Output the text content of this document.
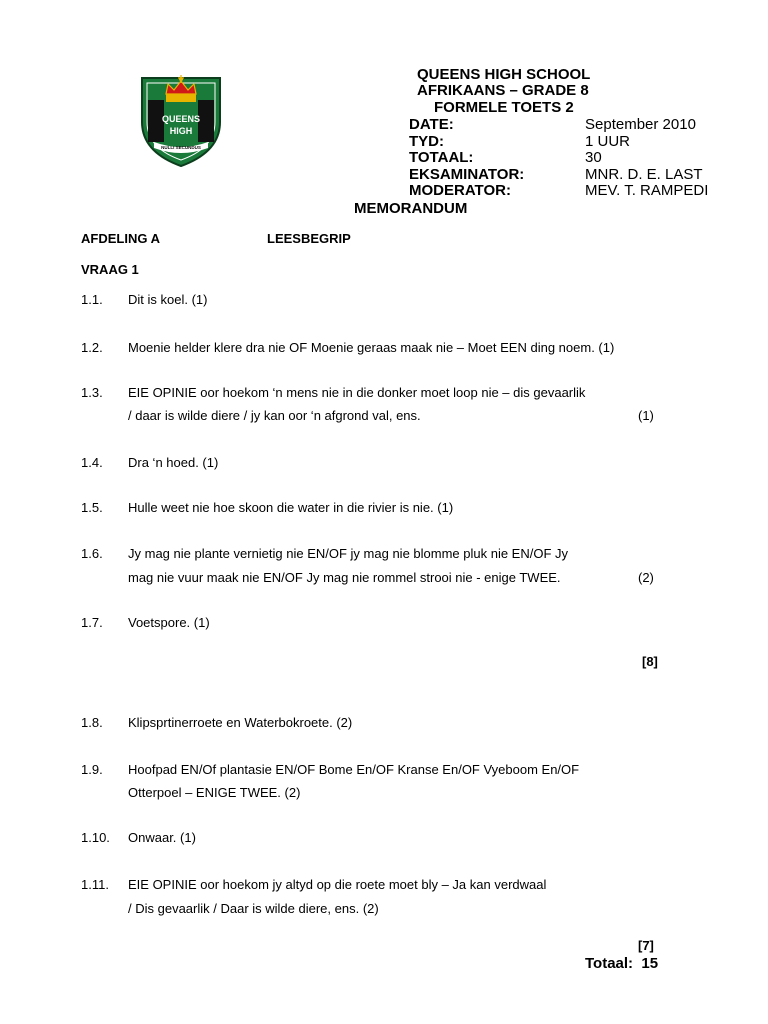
QUEENS
HIGH
NULLI SECUNDUS
QUEENS HIGH SCHOOL
AFRIKAANS – GRADE 8
FORMELE TOETS 2
DATE:	September 2010
TYD:	1 UUR
TOTAAL:	30
EKSAMINATOR:	MNR. D. E. LAST
MODERATOR:	MEV. T. RAMPEDI
MEMORANDUM
AFDELING A	LEESBEGRIP
VRAAG 1
1.1. Dit is koel. (1)
1.2. Moenie helder klere dra nie OF Moenie geraas maak nie – Moet EEN ding noem. (1)
1.3. EIE OPINIE oor hoekom ‘n mens nie in die donker moet loop nie – dis gevaarlik
/ daar is wilde diere / jy kan oor ‘n afgrond val, ens.	(1)
1.4. Dra ‘n hoed. (1)
1.5. Hulle weet nie hoe skoon die water in die rivier is nie. (1)
1.6. Jy mag nie plante vernietig nie EN/OF jy mag nie blomme pluk nie EN/OF Jy
mag nie vuur maak nie EN/OF Jy mag nie rommel strooi nie - enige TWEE.	(2)
1.7. Voetspore. (1)
[8]
1.8. Klipsprtinerroete en Waterbokroete. (2)
1.9. Hoofpad EN/Of plantasie EN/OF Bome En/OF Kranse En/OF Vyeboom En/OF
Otterpoel – ENIGE TWEE. (2)
1.10. Onwaar. (1)
1.11. EIE OPINIE oor hoekom jy altyd op die roete moet bly – Ja kan verdwaal
/ Dis gevaarlik / Daar is wilde diere, ens. (2)
[7]
Totaal: 15
